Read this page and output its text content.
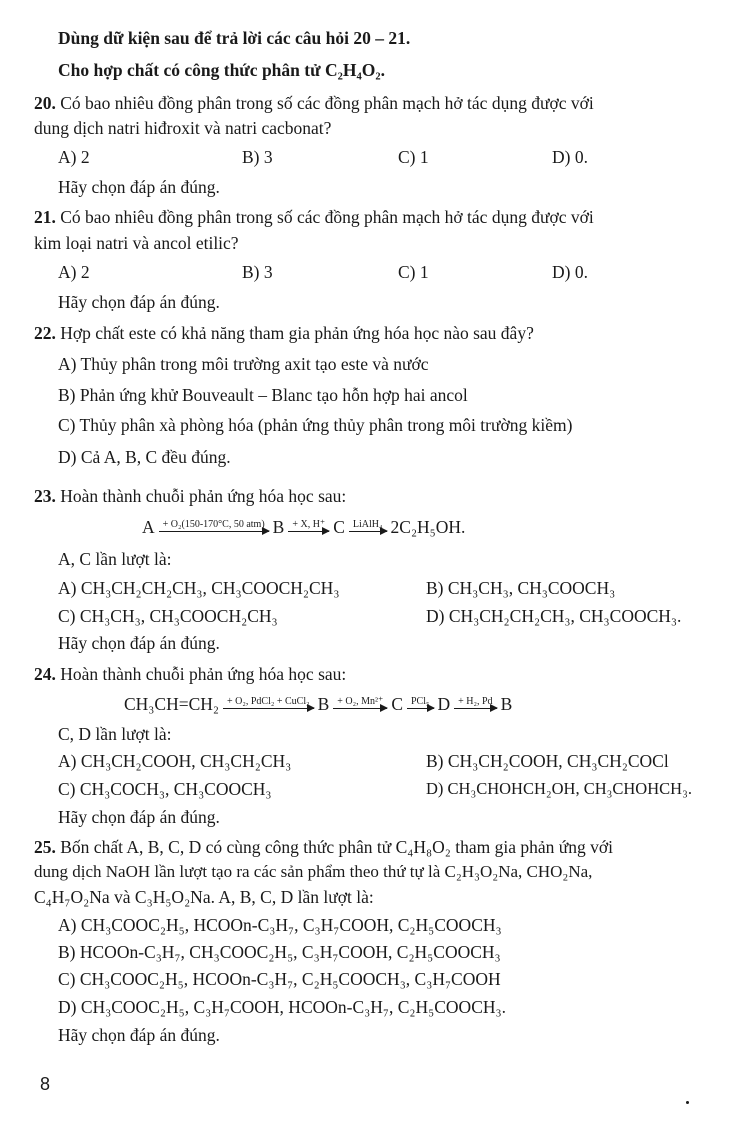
Dùng dữ kiện sau để trả lời các câu hỏi 20 – 21.
Cho hợp chất có công thức phân tử C₂H₄O₂.
20. Có bao nhiêu đồng phân trong số các đồng phân mạch hở tác dụng được với
dung dịch natri hiđroxit và natri cacbonat?
A) 2	B) 3	C) 1	D) 0.
Hãy chọn đáp án đúng.
21. Có bao nhiêu đồng phân trong số các đồng phân mạch hở tác dụng được với
kim loại natri và ancol etilic?
A) 2	B) 3	C) 1	D) 0.
Hãy chọn đáp án đúng.
22. Hợp chất este có khả năng tham gia phản ứng hóa học nào sau đây?
A) Thủy phân trong môi trường axit tạo este và nước
B) Phản ứng khử Bouveault – Blanc tạo hỗn hợp hai ancol
C) Thủy phân xà phòng hóa (phản ứng thủy phân trong môi trường kiềm)
D) Cả A, B, C đều đúng.
23. Hoàn thành chuỗi phản ứng hóa học sau:
A + O₂(150-170°C, 50 atm) B + X, H⁺ C LiAlH₄ 2C₂H₅OH.
A, C lần lượt là:
A) CH₃CH₂CH₂CH₃, CH₃COOCH₂CH₃	B) CH₃CH₃, CH₃COOCH₃
C) CH₃CH₃, CH₃COOCH₂CH₃	D) CH₃CH₂CH₂CH₃, CH₃COOCH₃.
Hãy chọn đáp án đúng.
24. Hoàn thành chuỗi phản ứng hóa học sau:
CH₃CH=CH₂ + O₂, PdCl₂ + CuCl₂ B + O₂, Mn²⁺ C PCl₅ D + H₂, Pd B
C, D lần lượt là:
A) CH₃CH₂COOH, CH₃CH₂CH₃	B) CH₃CH₂COOH, CH₃CH₂COCl
C) CH₃COCH₃, CH₃COOCH₃	D) CH₃CHOHCH₂OH, CH₃CHOHCH₃.
Hãy chọn đáp án đúng.
25. Bốn chất A, B, C, D có cùng công thức phân tử C₄H₈O₂ tham gia phản ứng với
dung dịch NaOH lần lượt tạo ra các sản phẩm theo thứ tự là C₂H₃O₂Na, CHO₂Na,
C₄H₇O₂Na và C₃H₅O₂Na. A, B, C, D lần lượt là:
A) CH₃COOC₂H₅, HCOOn-C₃H₇, C₃H₇COOH, C₂H₅COOCH₃
B) HCOOn-C₃H₇, CH₃COOC₂H₅, C₃H₇COOH, C₂H₅COOCH₃
C) CH₃COOC₂H₅, HCOOn-C₃H₇, C₂H₅COOCH₃, C₃H₇COOH
D) CH₃COOC₂H₅, C₃H₇COOH, HCOOn-C₃H₇, C₂H₅COOCH₃.
Hãy chọn đáp án đúng.
8
